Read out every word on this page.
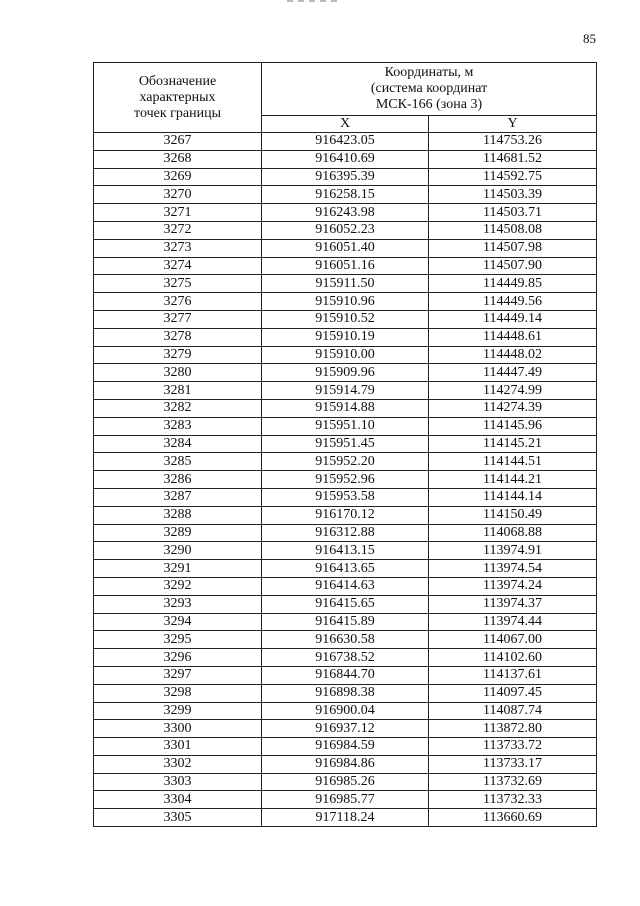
85
Обозначение
характерных
точек границы	Координаты, м
(система координат
МСК-166 (зона 3)	

	X	Y
3267	916423.05	114753.26
3268	916410.69	114681.52
3269	916395.39	114592.75
3270	916258.15	114503.39
3271	916243.98	114503.71
3272	916052.23	114508.08
3273	916051.40	114507.98
3274	916051.16	114507.90
3275	915911.50	114449.85
3276	915910.96	114449.56
3277	915910.52	114449.14
3278	915910.19	114448.61
3279	915910.00	114448.02
3280	915909.96	114447.49
3281	915914.79	114274.99
3282	915914.88	114274.39
3283	915951.10	114145.96
3284	915951.45	114145.21
3285	915952.20	114144.51
3286	915952.96	114144.21
3287	915953.58	114144.14
3288	916170.12	114150.49
3289	916312.88	114068.88
3290	916413.15	113974.91
3291	916413.65	113974.54
3292	916414.63	113974.24
3293	916415.65	113974.37
3294	916415.89	113974.44
3295	916630.58	114067.00
3296	916738.52	114102.60
3297	916844.70	114137.61
3298	916898.38	114097.45
3299	916900.04	114087.74
3300	916937.12	113872.80
3301	916984.59	113733.72
3302	916984.86	113733.17
3303	916985.26	113732.69
3304	916985.77	113732.33
3305	917118.24	113660.69
